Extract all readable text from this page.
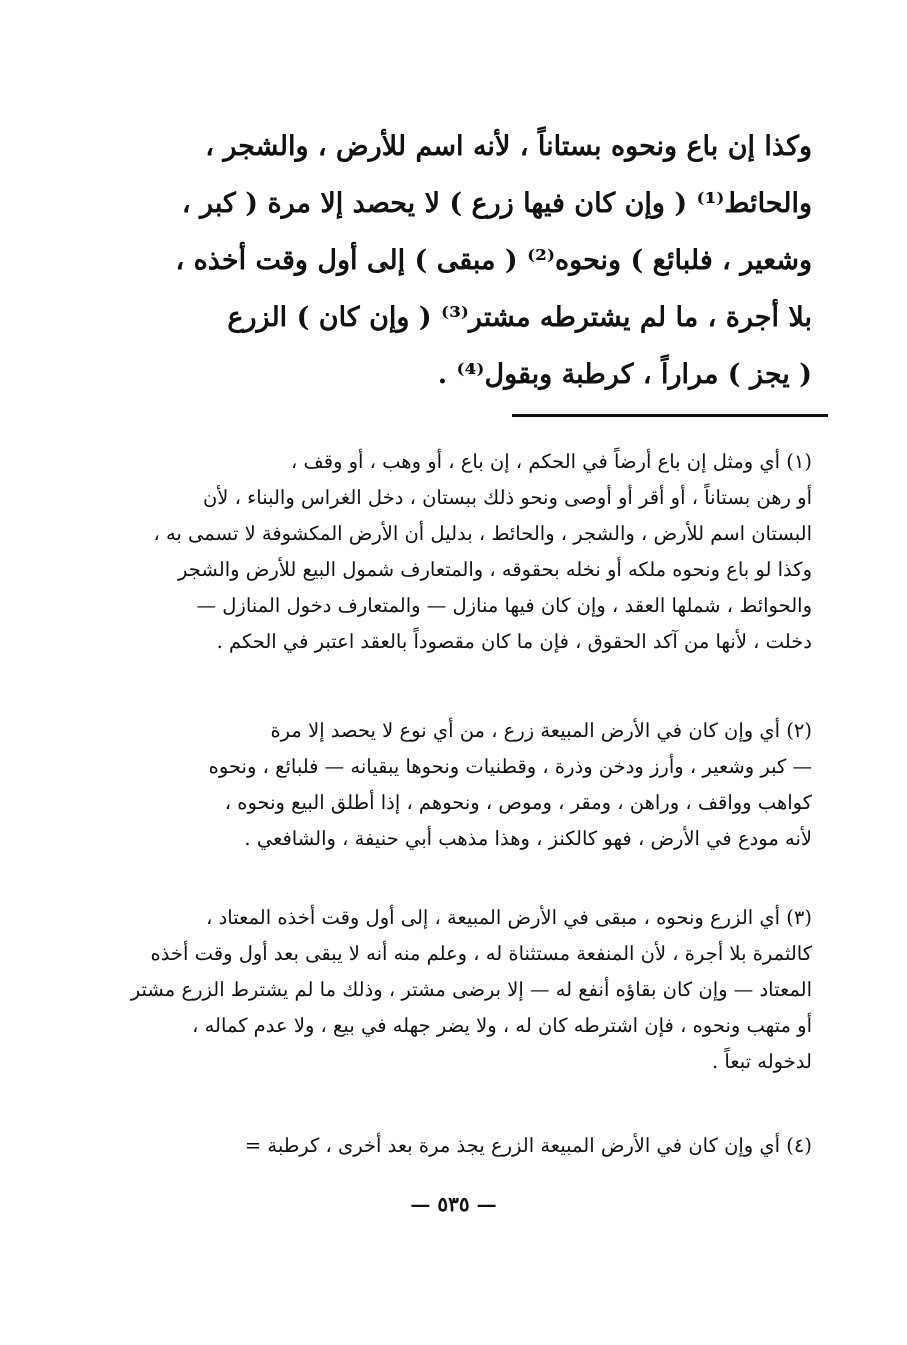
وكذا إن باع ونحوه بستاناً ، لأنه اسم للأرض ، والشجر ،
والحائط⁽¹⁾ ( وإن كان فيها زرع ) لا يحصد إلا مرة ( كبر ،
وشعير ، فلبائع ) ونحوه⁽²⁾ ( مبقى ) إلى أول وقت أخذه ،
بلا أجرة ، ما لم يشترطه مشتر⁽³⁾ ( وإن كان ) الزرع
( يجز ) مراراً ، كرطبة وبقول⁽⁴⁾ .
(١) أي ومثل إن باع أرضاً في الحكم ، إن باع ، أو وهب ، أو وقف ،
أو رهن بستاناً ، أو أقر أو أوصى ونحو ذلك ببستان ، دخل الغراس والبناء ، لأن
البستان اسم للأرض ، والشجر ، والحائط ، بدليل أن الأرض المكشوفة لا تسمى به ،
وكذا لو باع ونحوه ملكه أو نخله بحقوقه ، والمتعارف شمول البيع للأرض والشجر
والحوائط ، شملها العقد ، وإن كان فيها منازل — والمتعارف دخول المنازل —
دخلت ، لأنها من آكد الحقوق ، فإن ما كان مقصوداً بالعقد اعتبر في الحكم .
(٢) أي وإن كان في الأرض المبيعة زرع ، من أي نوع لا يحصد إلا مرة
— كبر وشعير ، وأرز ودخن وذرة ، وقطنيات ونحوها يبقيانه — فلبائع ، ونحوه
كواهب وواقف ، وراهن ، ومقر ، وموص ، ونحوهم ، إذا أطلق البيع ونحوه ،
لأنه مودع في الأرض ، فهو كالكنز ، وهذا مذهب أبي حنيفة ، والشافعي .
(٣) أي الزرع ونحوه ، مبقى في الأرض المبيعة ، إلى أول وقت أخذه المعتاد ،
كالثمرة بلا أجرة ، لأن المنفعة مستثناة له ، وعلم منه أنه لا يبقى بعد أول وقت أخذه
المعتاد — وإن كان بقاؤه أنفع له — إلا برضى مشتر ، وذلك ما لم يشترط الزرع مشتر
أو متهب ونحوه ، فإن اشترطه كان له ، ولا يضر جهله في بيع ، ولا عدم كماله ،
لدخوله تبعاً .
(٤) أي وإن كان في الأرض المبيعة الزرع يجذ مرة بعد أخرى ، كرطبة =
— ٥٣٥ —
